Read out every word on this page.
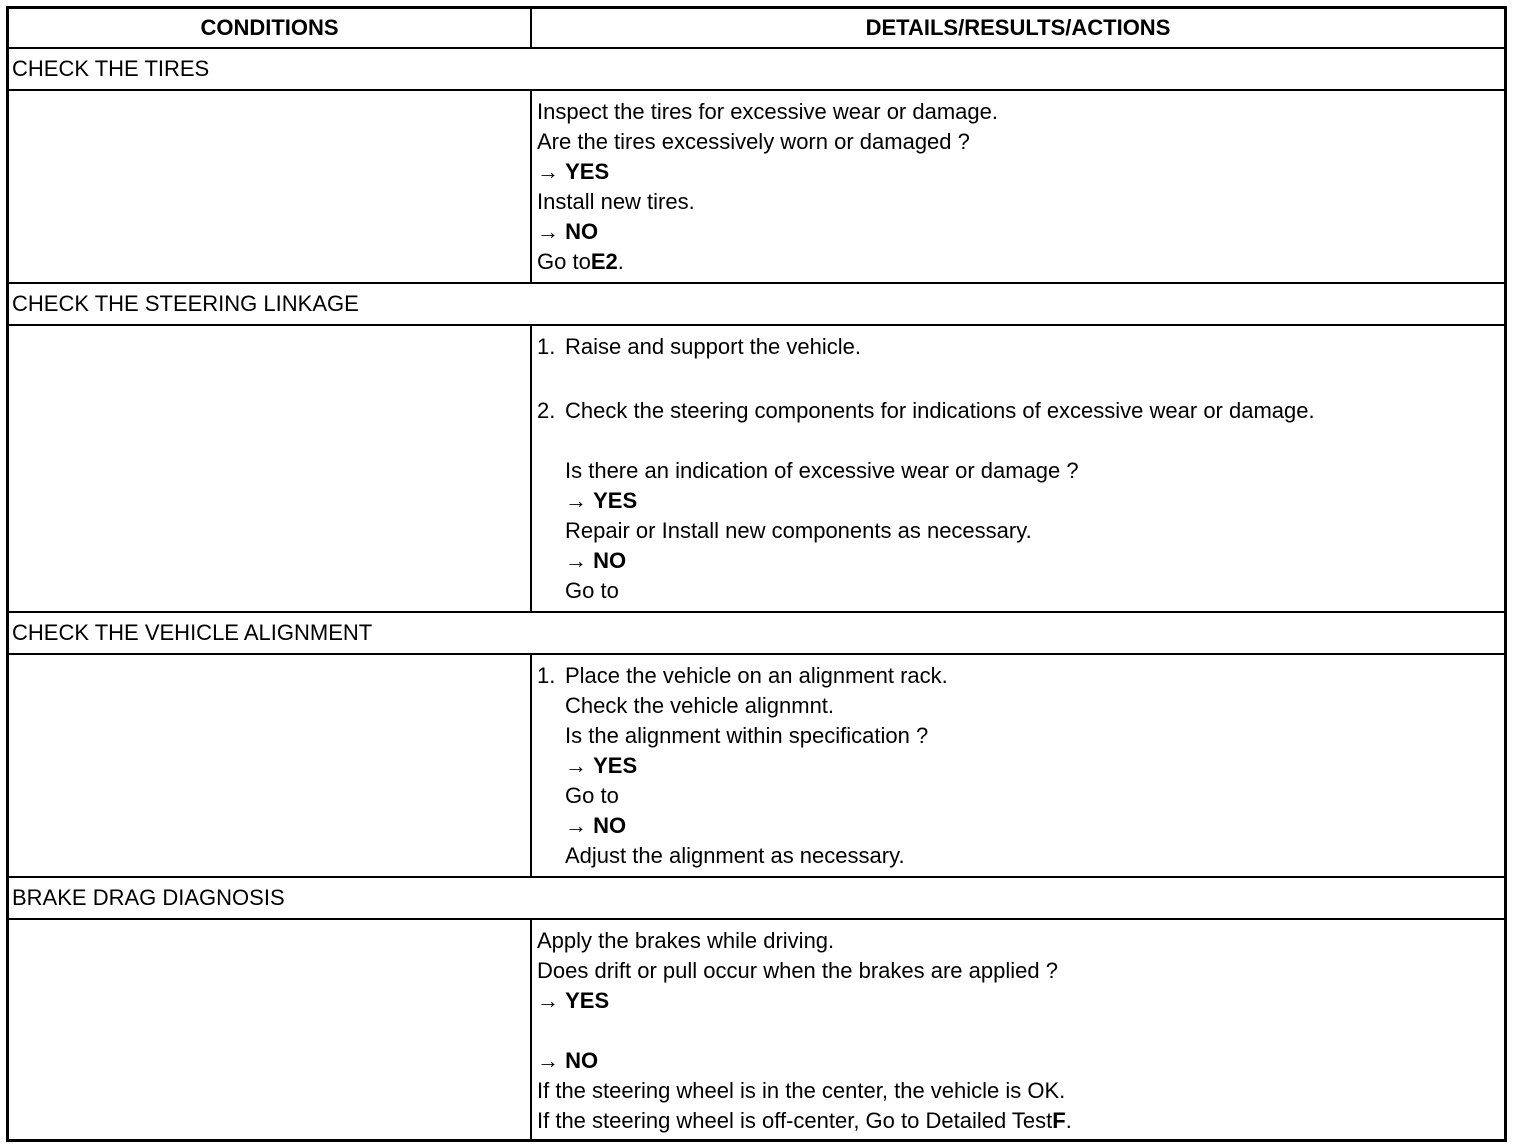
CONDITIONS	DETAILS/RESULTS/ACTIONS
CHECK THE TIRES
Inspect the tires for excessive wear or damage.
Are the tires excessively worn or damaged ?
→ YES
Install new tires.
→ NO
Go toE2.
CHECK THE STEERING LINKAGE
1. Raise and support the vehicle.
2. Check the steering components for indications of excessive wear or damage.
Is there an indication of excessive wear or damage ?
→ YES
Repair or Install new components as necessary.
→ NO
Go to
CHECK THE VEHICLE ALIGNMENT
1. Place the vehicle on an alignment rack.
Check the vehicle alignmnt.
Is the alignment within specification ?
→ YES
Go to
→ NO
Adjust the alignment as necessary.
BRAKE DRAG DIAGNOSIS
Apply the brakes while driving.
Does drift or pull occur when the brakes are applied ?
→ YES
→ NO
If the steering wheel is in the center, the vehicle is OK.
If the steering wheel is off-center, Go to Detailed TestF.
